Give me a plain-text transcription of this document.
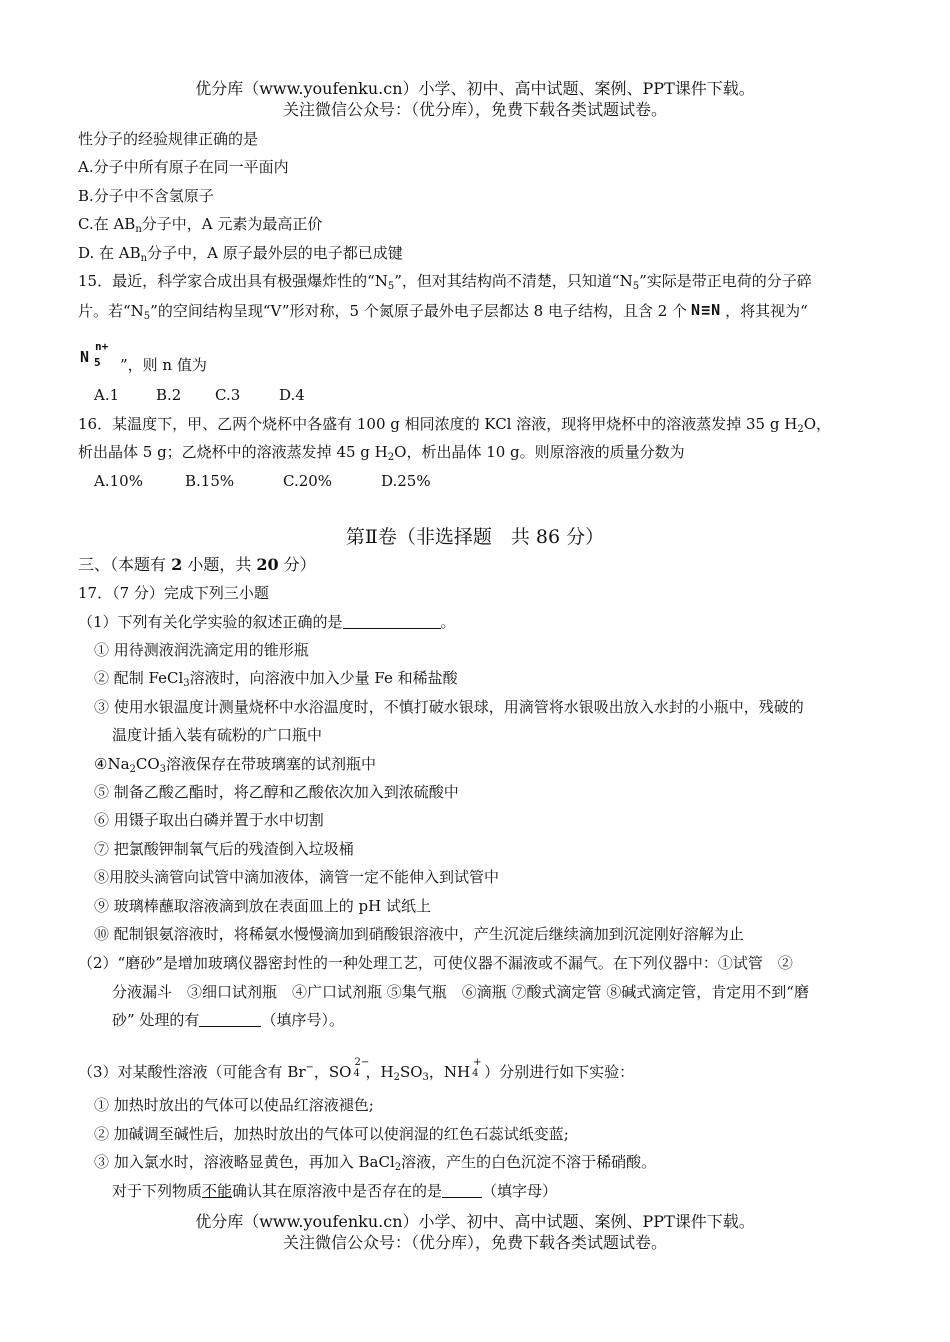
优分库（www.youfenku.cn）小学、初中、高中试题、案例、PPT课件下载。
关注微信公众号：（优分库），免费下载各类试题试卷。
性分子的经验规律正确的是
A.分子中所有原子在同一平面内
B.分子中不含氢原子
C.在 $AB_n$分子中，A 元素为最高正价
D. 在 $AB_n$分子中，A 原子最外层的电子都已成键
15．最近，科学家合成出具有极强爆炸性的“$N_5$”，但对其结构尚不清楚，只知道“$N_5$”实际是带正电荷的分子碎
片。若“$N_5$”的空间结构呈现“V”形对称，5 个氮原子最外电子层都达 8 电子结构，且含 2 个 N≡N ，将其视为“
N 5
n+
”，则 n 值为
A.1 B.2 C.3	D.4
16．某温度下，甲、乙两个烧杯中各盛有 100 g 相同浓度的 KCl 溶液，现将甲烧杯中的溶液蒸发掉 35 g $H_2O$，
析出晶体 5 g；乙烧杯中的溶液蒸发掉 45 g $H_2O$，析出晶体 10 g。则原溶液的质量分数为
A.10%	B.15%	C.20%	D.25%
第Ⅱ卷（非选择题　共 86 分）
三、（本题有 2 小题，共 20 分）
17．（7 分）完成下列三小题
（1）下列有关化学实验的叙述正确的是	。
① 用待测液润洗滴定用的锥形瓶
② 配制 FeCl$_3$溶液时，向溶液中加入少量 Fe 和稀盐酸
③ 使用水银温度计测量烧杯中水浴温度时，不慎打破水银球，用滴管将水银吸出放入水封的小瓶中，残破的
温度计插入装有硫粉的广口瓶中
$④Na_2CO_3$溶液保存在带玻璃塞的试剂瓶中
⑤ 制备乙酸乙酯时，将乙醇和乙酸依次加入到浓硫酸中
⑥ 用镊子取出白磷并置于水中切割
⑦ 把氯酸钾制氧气后的残渣倒入垃圾桶
⑧用胶头滴管向试管中滴加液体，滴管一定不能伸入到试管中
⑨ 玻璃棒蘸取溶液滴到放在表面皿上的 pH 试纸上
⑩ 配制银氨溶液时，将稀氨水慢慢滴加到硝酸银溶液中，产生沉淀后继续滴加到沉淀刚好溶解为止
（2）“磨砂”是增加玻璃仪器密封性的一种处理工艺，可使仪器不漏液或不漏气。在下列仪器中：①试管　②
分液漏斗　③细口试剂瓶　④广口试剂瓶 ⑤集气瓶　⑥滴瓶 ⑦酸式滴定管 ⑧碱式滴定管，肯定用不到“磨
砂” 处理的有	（填序号）。
（3）对某酸性溶液（可能含有 Br−，SO
2−
4 ，$H_2SO_3$，NH
+
4 ）分别进行如下实验：
① 加热时放出的气体可以使品红溶液褪色;
② 加碱调至碱性后，加热时放出的气体可以使润湿的红色石蕊试纸变蓝;
③ 加入氯水时，溶液略显黄色，再加入 BaCl$_2$溶液，产生的白色沉淀不溶于稀硝酸。
对于下列物质不能确认其在原溶液中是否存在的是	（填字母）
优分库（www.youfenku.cn）小学、初中、高中试题、案例、PPT课件下载。
关注微信公众号：（优分库），免费下载各类试题试卷。
